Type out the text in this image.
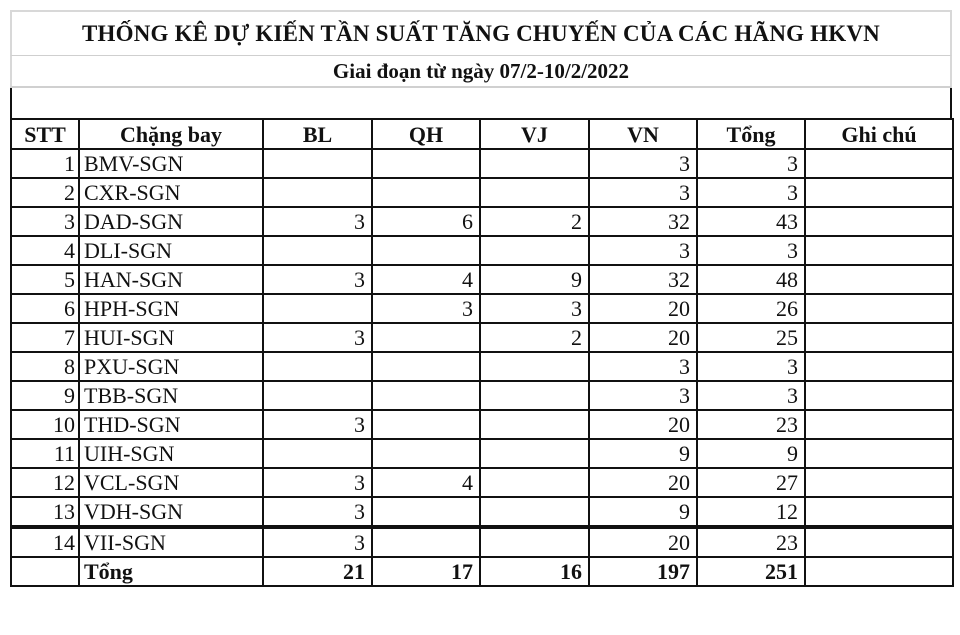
THỐNG KÊ DỰ KIẾN TẦN SUẤT TĂNG CHUYẾN CỦA CÁC HÃNG HKVN
Giai đoạn từ ngày 07/2-10/2/2022
STT	Chặng bay	BL	QH	VJ	VN	Tổng	Ghi chú
1	BMV-SGN				3	3	
2	CXR-SGN				3	3	
3	DAD-SGN	3	6	2	32	43	
4	DLI-SGN				3	3	
5	HAN-SGN	3	4	9	32	48	
6	HPH-SGN		3	3	20	26	
7	HUI-SGN	3		2	20	25	
8	PXU-SGN				3	3	
9	TBB-SGN				3	3	
10	THD-SGN	3			20	23	
11	UIH-SGN				9	9	
12	VCL-SGN	3	4		20	27	
13	VDH-SGN	3			9	12	
14	VII-SGN	3			20	23	
	Tổng	21	17	16	197	251	
